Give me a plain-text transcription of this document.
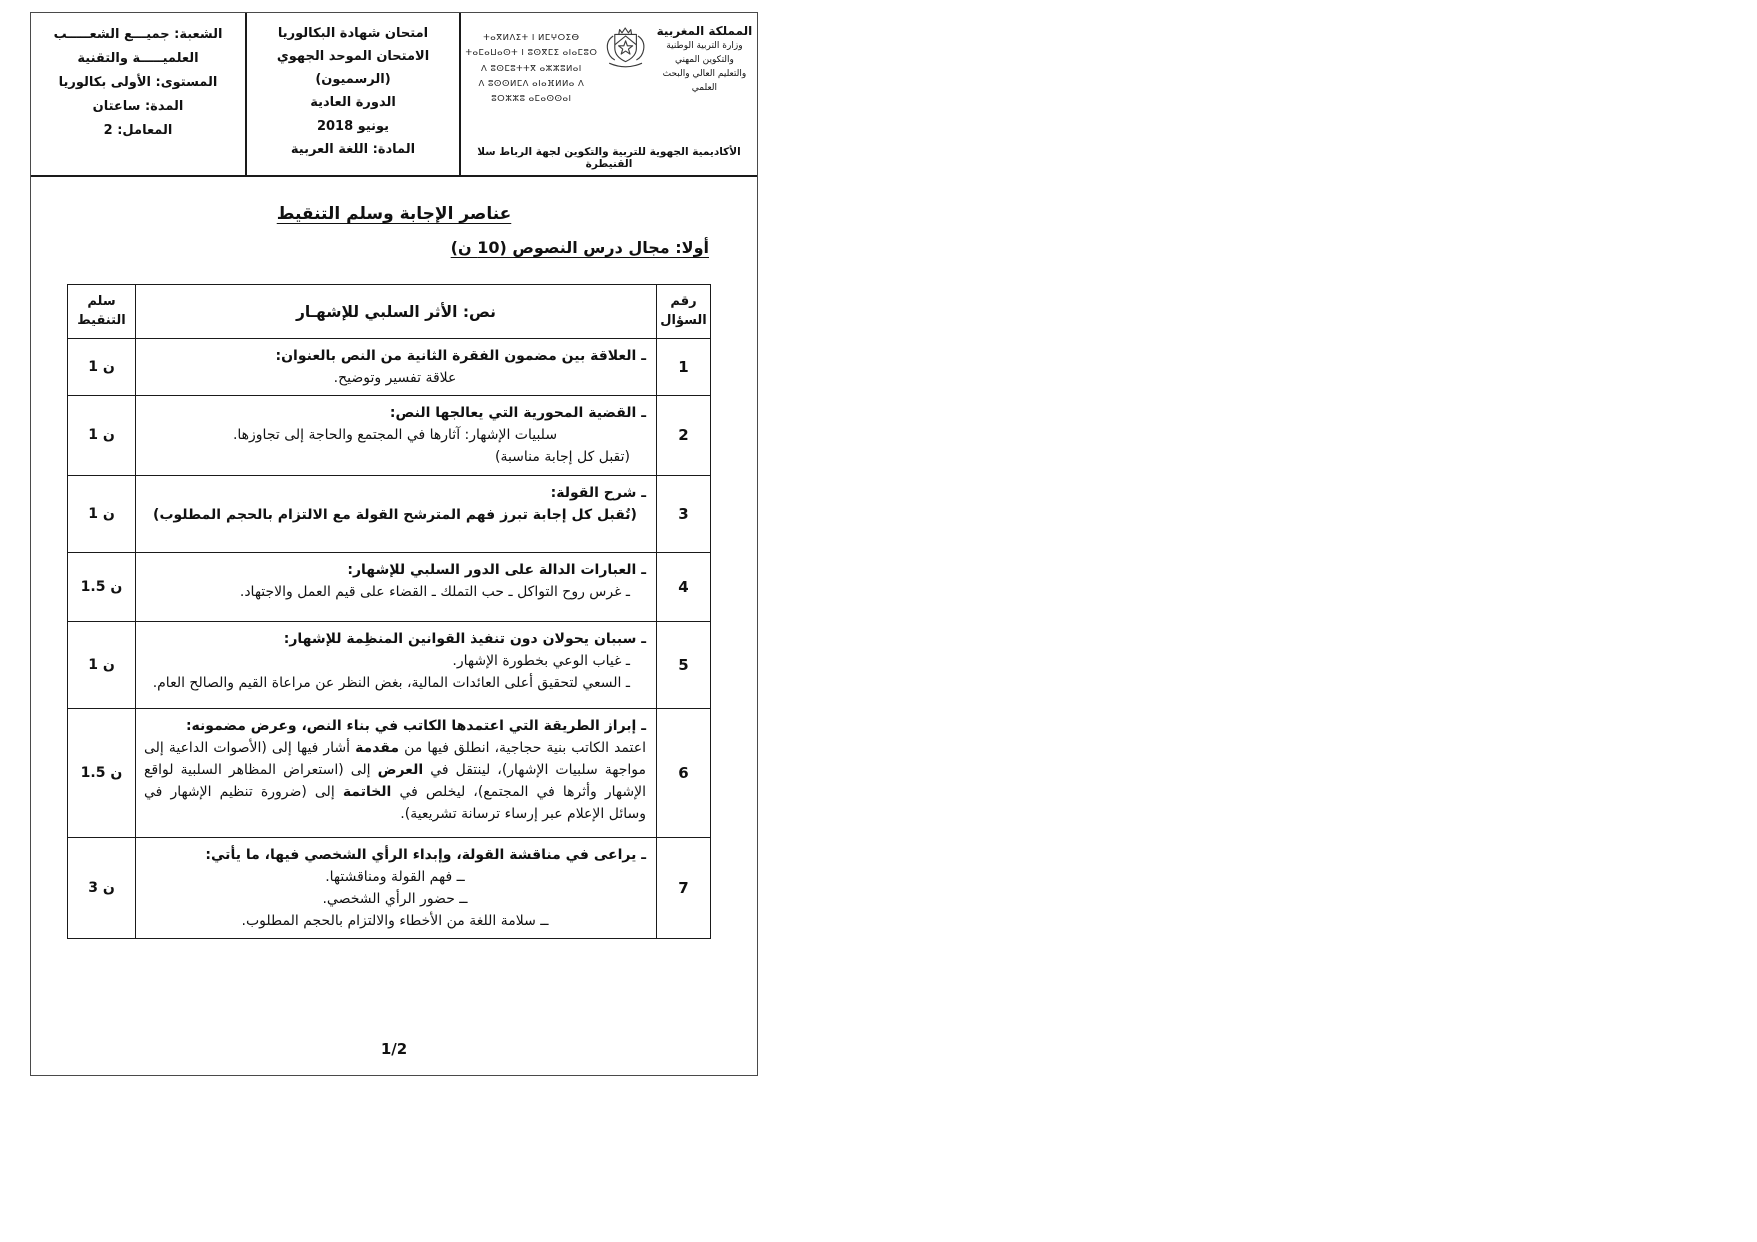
ⵜⴰⴳⵍⴷⵉⵜ ⵏ ⵍⵎⵖⵔⵉⴱ
ⵜⴰⵎⴰⵡⴰⵙⵜ ⵏ ⵓⵙⴳⵎⵉ ⴰⵏⴰⵎⵓⵔ ⴷ ⵓⵙⵎⵓⵜⵜⴳ ⴰⵣⵣⵓⵍⴰⵏ
ⴷ ⵓⵙⵙⵍⵎⴷ ⴰⵏⴰⴼⵍⵍⴰ ⴷ ⵓⵔⵣⵣⵓ ⴰⵎⴰⵙⵙⴰⵏ
المملكة المغربية
وزارة التربية الوطنية والتكوين المهني
والتعليم العالي والبحث العلمي
الأكاديمية الجهوية للتربية والتكوين لجهة الرباط سلا القنيطرة
امتحان شهادة البكالوريا
الامتحان الموحد الجهوي
(الرسميون)
الدورة العادية
يونيو 2018
المادة: اللغة العربية
الشعبة: جميـــع الشعـــــب
العلميـــــة والتقنية
المستوى: الأولى بكالوريا
المدة: ساعتان
المعامل: 2
عناصر الإجابة وسلم التنقيط
أولا: مجال درس النصوص (10 ن)
رقم
السؤال
	نص: الأثر السلبي للإشهـار	
سلم
التنقيط

1	ـ العلاقة بين مضمون الفقرة الثانية من النص بالعنوان:
علاقة تفسير وتوضيح.	1 ن
2	ـ القضية المحورية التي يعالجها النص:
سلبيات الإشهار: آثارها في المجتمع والحاجة إلى تجاوزها.
(تقبل كل إجابة مناسبة)	1 ن
3	ـ شرح القولة:
(تُقبل كل إجابة تبرز فهم المترشح القولة مع الالتزام بالحجم المطلوب)	1 ن
4	ـ العبارات الدالة على الدور السلبي للإشهار:
ـ غرس روح التواكل ـ حب التملك ـ القضاء على قيم العمل والاجتهاد.	1.5 ن
5	ـ سببان يحولان دون تنفيذ القوانين المنظِمة للإشهار:
ـ غياب الوعي بخطورة الإشهار.
ـ السعي لتحقيق أعلى العائدات المالية، بغض النظر عن مراعاة القيم والصالح العام.	1 ن
6	ـ إبراز الطريقة التي اعتمدها الكاتب في بناء النص، وعرض مضمونه:
اعتمد الكاتب بنية حجاجية، انطلق فيها من مقدمة أشار فيها إلى (الأصوات الداعية إلى مواجهة سلبيات الإشهار)، لينتقل في العرض إلى (استعراض المظاهر السلبية لواقع الإشهار وأثرها في المجتمع)، ليخلص في الخاتمة إلى (ضرورة تنظيم الإشهار في وسائل الإعلام عبر إرساء ترسانة تشريعية).	1.5 ن
7	ـ يراعى في مناقشة القولة، وإبداء الرأي الشخصي فيها، ما يأتي:
ــ فهم القولة ومناقشتها.
ــ حضور الرأي الشخصي.
ــ سلامة اللغة من الأخطاء والالتزام بالحجم المطلوب.	3 ن
1/2
